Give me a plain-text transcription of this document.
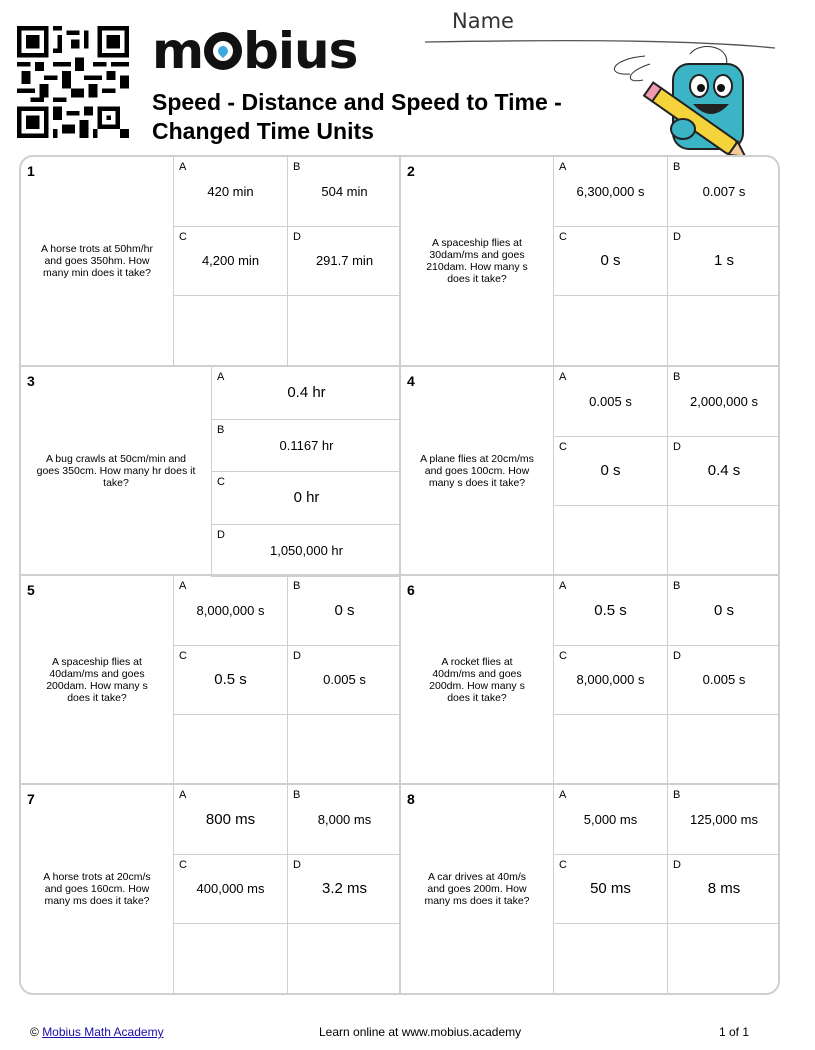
m bius
Speed - Distance and Speed to Time - Changed Time Units
Name
1
A horse trots at 50hm/hr and goes 350hm. How many min does it take?
A
420 min
B
504 min
C
4,200 min
D
291.7 min
2
A spaceship flies at 30dam/ms and goes 210dam. How many s does it take?
A
6,300,000 s
B
0.007 s
C
0 s
D
1 s
3
A bug crawls at 50cm/min and goes 350cm. How many hr does it take?
A
0.4 hr
B
0.1167 hr
C
0 hr
D
1,050,000 hr
4
A plane flies at 20cm/ms and goes 100cm. How many s does it take?
A
0.005 s
B
2,000,000 s
C
0 s
D
0.4 s
5
A spaceship flies at 40dam/ms and goes 200dam. How many s does it take?
A
8,000,000 s
B
0 s
C
0.5 s
D
0.005 s
6
A rocket flies at 40dm/ms and goes 200dm. How many s does it take?
A
0.5 s
B
0 s
C
8,000,000 s
D
0.005 s
7
A horse trots at 20cm/s and goes 160cm. How many ms does it take?
A
800 ms
B
8,000 ms
C
400,000 ms
D
3.2 ms
8
A car drives at 40m/s and goes 200m. How many ms does it take?
A
5,000 ms
B
125,000 ms
C
50 ms
D
8 ms
© Mobius Math Academy	Learn online at www.mobius.academy	1 of 1
